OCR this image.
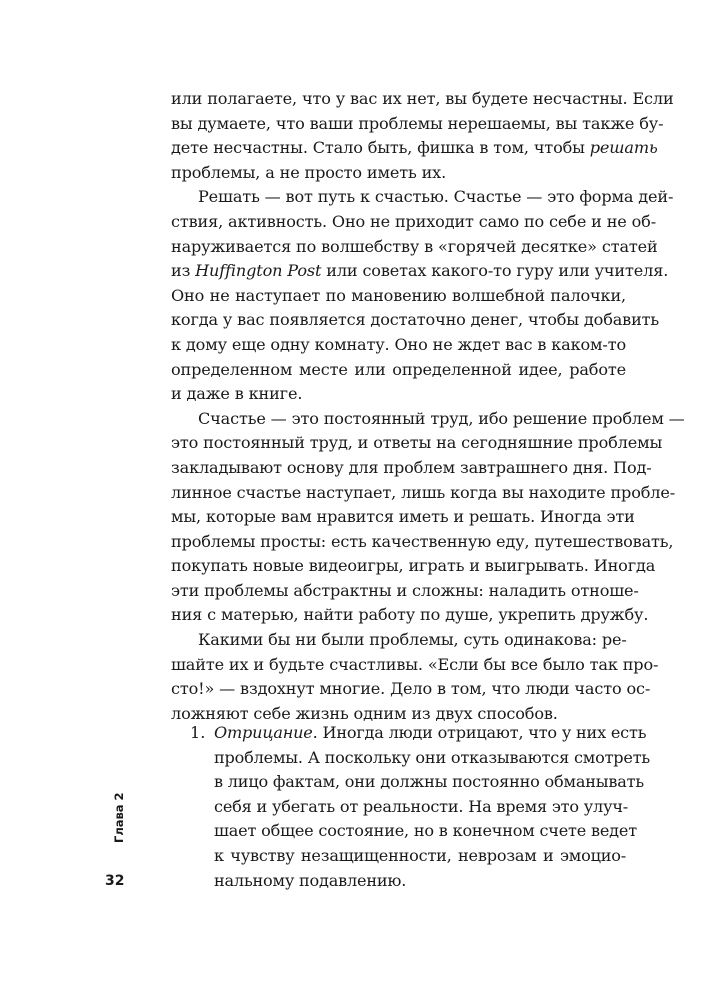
или полагаете, что у вас их нет, вы будете несчастны. Если
вы думаете, что ваши проблемы нерешаемы, вы также бу-
дете несчастны. Стало быть, фишка в том, чтобы решать
проблемы, а не просто иметь их.
Решать — вот путь к счастью. Счастье — это форма дей-
ствия, активность. Оно не приходит само по себе и не об-
наруживается по волшебству в «горячей десятке» статей
из Huffington Post или советах какого-то гуру или учителя.
Оно не наступает по мановению волшебной палочки,
когда у вас появляется достаточно денег, чтобы добавить
к дому еще одну комнату. Оно не ждет вас в каком-то
определенном месте или определенной идее, работе
и даже в книге.
Счастье — это постоянный труд, ибо решение проблем —
это постоянный труд, и ответы на сегодняшние проблемы
закладывают основу для проблем завтрашнего дня. Под-
линное счастье наступает, лишь когда вы находите пробле-
мы, которые вам нравится иметь и решать. Иногда эти
проблемы просты: есть качественную еду, путешествовать,
покупать новые видеоигры, играть и выигрывать. Иногда
эти проблемы абстрактны и сложны: наладить отноше-
ния с матерью, найти работу по душе, укрепить дружбу.
Какими бы ни были проблемы, суть одинакова: ре-
шайте их и будьте счастливы. «Если бы все было так про-
сто!» — вздохнут многие. Дело в том, что люди часто ос-
ложняют себе жизнь одним из двух способов.
1. Отрицание. Иногда люди отрицают, что у них есть
проблемы. А поскольку они отказываются смотреть
в лицо фактам, они должны постоянно обманывать
себя и убегать от реальности. На время это улуч-
шает общее состояние, но в конечном счете ведет
к чувству незащищенности, неврозам и эмоцио-
нальному подавлению.
Глава 2
32
